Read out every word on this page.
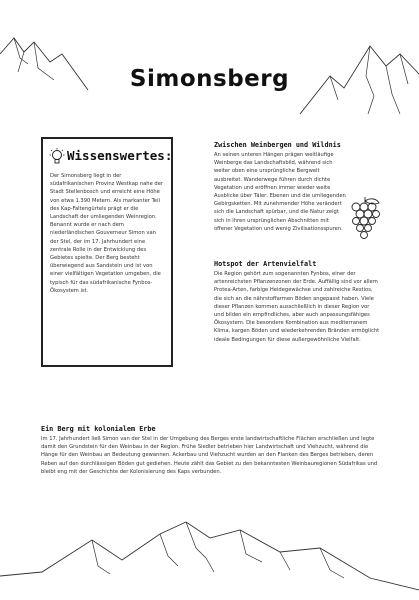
Simonsberg
Wissenswertes:
Der Simonsberg liegt in der südafrikanischen Provinz Westkap nahe der Stadt Stellenbosch und erreicht eine Höhe von etwa 1.390 Metern. Als markanter Teil des Kap-Faltengürtels prägt er die Landschaft der umliegenden Weinregion. Benannt wurde er nach dem niederländischen Gouverneur Simon van der Stel, der im 17. Jahrhundert eine zentrale Rolle in der Entwicklung des Gebietes spielte. Der Berg besteht überwiegend aus Sandstein und ist von einer vielfältigen Vegetation umgeben, die typisch für das südafrikanische Fynbos-Ökosystem ist.
Zwischen Weinbergen und Wildnis
An seinen unteren Hängen prägen weitläufige Weinberge das Landschaftsbild, während sich weiter oben eine ursprüngliche Bergwelt ausbreitet. Wanderwege führen durch dichte Vegetation und eröffnen immer wieder weite Ausblicke über Täler, Ebenen und die umliegenden Gebirgsketten. Mit zunehmender Höhe verändert sich die Landschaft spürbar, und die Natur zeigt sich in ihren ursprünglichen Abschnitten mit offener Vegetation und wenig Zivilisationsspuren.
Hotspot der Artenvielfalt
Die Region gehört zum sogenannten Fynbos, einer der artenreichsten Pflanzenzonen der Erde. Auffällig sind vor allem Protea-Arten, farbige Heidegewächse und zahlreiche Restios, die sich an die nährstoffarmen Böden angepasst haben. Viele dieser Pflanzen kommen ausschließlich in dieser Region vor und bilden ein empfindliches, aber auch anpassungsfähiges Ökosystem. Die besondere Kombination aus mediterranem Klima, kargen Böden und wiederkehrenden Bränden ermöglicht ideale Bedingungen für diese außergewöhnliche Vielfalt.
Ein Berg mit kolonialem Erbe
Im 17. Jahrhundert ließ Simon van der Stel in der Umgebung des Berges erste landwirtschaftliche Flächen erschließen und legte damit den Grundstein für den Weinbau in der Region. Frühe Siedler betrieben hier Landwirtschaft und Viehzucht, während die Hänge für den Weinbau an Bedeutung gewannen. Ackerbau und Viehzucht wurden an den Flanken des Berges betrieben, deren Reben auf den durchlässigen Böden gut gediehen. Heute zählt das Gebiet zu den bekanntesten Weinbauregionen Südafrikas und bleibt eng mit der Geschichte der Kolonisierung des Kaps verbunden.
